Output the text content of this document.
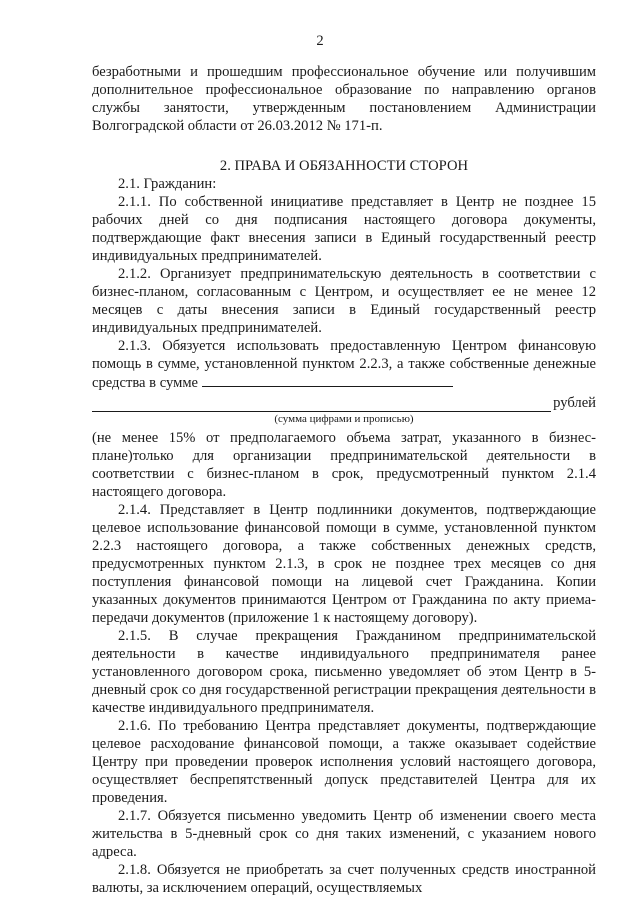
2

безработными и прошедшим профессиональное обучение или получившим дополнительное профессиональное образование по направлению органов службы занятости, утвержденным постановлением Администрации Волгоградской области от 26.03.2012 № 171-п.

2. ПРАВА И ОБЯЗАННОСТИ СТОРОН

2.1. Гражданин:

2.1.1. По собственной инициативе представляет в Центр не позднее 15 рабочих дней со дня подписания настоящего договора документы, подтверждающие факт внесения записи в Единый государственный реестр индивидуальных предпринимателей.

2.1.2. Организует предпринимательскую деятельность в соответствии с бизнес-планом, согласованным с Центром, и осуществляет ее не менее 12 месяцев с даты внесения записи в Единый государственный реестр индивидуальных предпринимателей.

2.1.3. Обязуется использовать предоставленную Центром финансовую помощь в сумме, установленной пунктом 2.2.3, а также собственные денежные средства в сумме

рублей
(сумма цифрами и прописью)

(не менее 15% от предполагаемого объема затрат, указанного в бизнес-плане)только для организации предпринимательской деятельности в соответствии с бизнес-планом в срок, предусмотренный пунктом 2.1.4 настоящего договора.

2.1.4. Представляет в Центр подлинники документов, подтверждающие целевое использование финансовой помощи в сумме, установленной пунктом 2.2.3 настоящего договора, а также собственных денежных средств, предусмотренных пунктом 2.1.3, в срок не позднее трех месяцев со дня поступления финансовой помощи на лицевой счет Гражданина. Копии указанных документов принимаются Центром от Гражданина по акту приема-передачи документов (приложение 1 к настоящему договору).

2.1.5. В случае прекращения Гражданином предпринимательской деятельности в качестве индивидуального предпринимателя ранее установленного договором срока, письменно уведомляет об этом Центр в 5-дневный срок со дня государственной регистрации прекращения деятельности в качестве индивидуального предпринимателя.

2.1.6. По требованию Центра представляет документы, подтверждающие целевое расходование финансовой помощи, а также оказывает содействие Центру при проведении проверок исполнения условий настоящего договора, осуществляет беспрепятственный допуск представителей Центра для их проведения.

2.1.7. Обязуется письменно уведомить Центр об изменении своего места жительства в 5-дневный срок со дня таких изменений, с указанием нового адреса.

2.1.8. Обязуется не приобретать за счет полученных средств иностранной валюты, за исключением операций, осуществляемых
